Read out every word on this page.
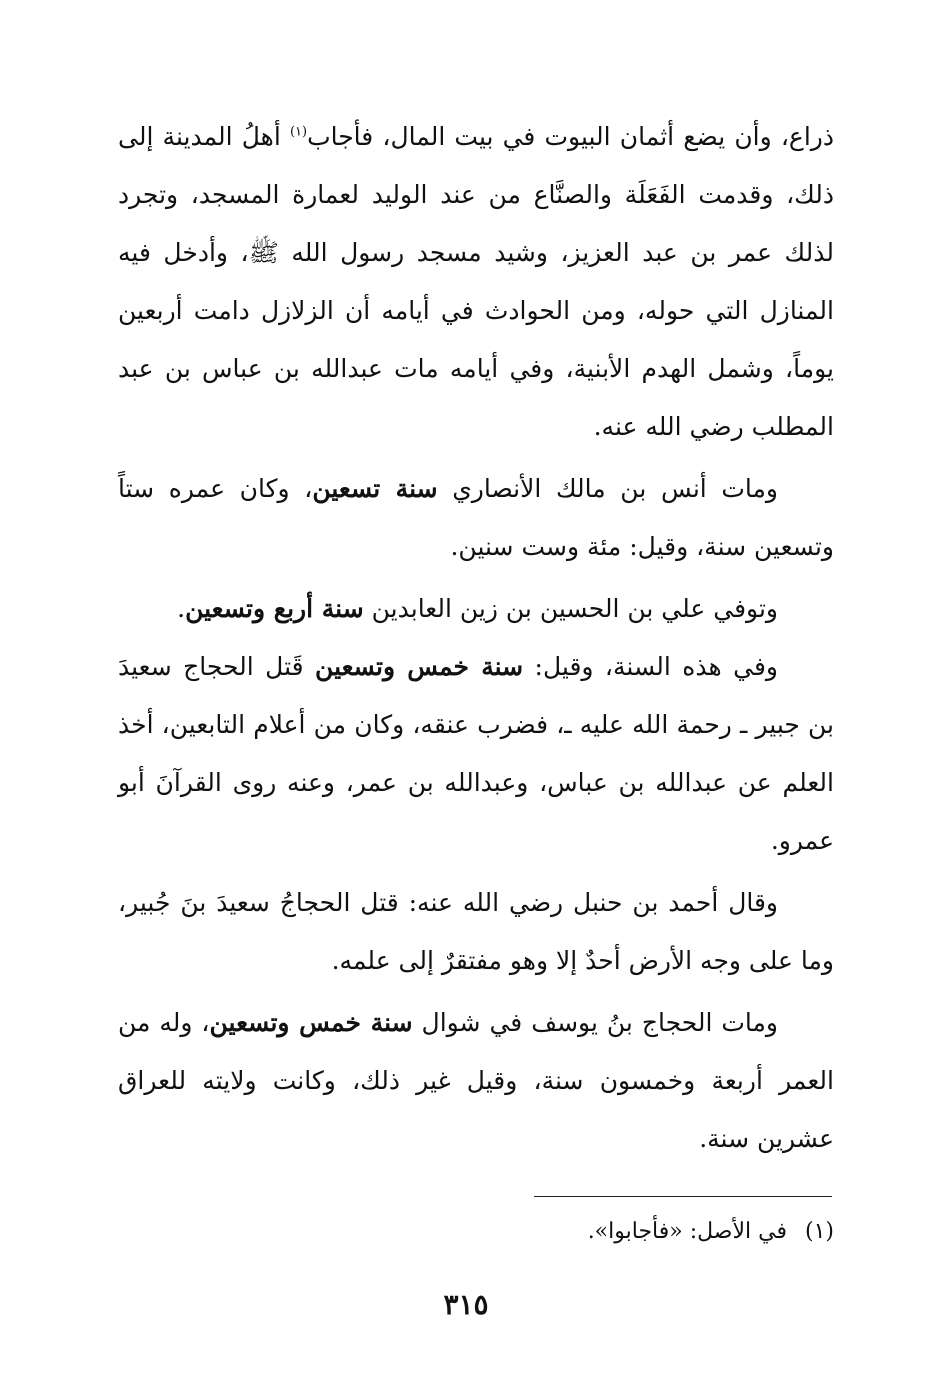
ذراع، وأن يضع أثمان البيوت في بيت المال، فأجاب$^{(١)}$ أهلُ المدينة إلى ذلك، وقدمت الفَعَلَة والصنَّاع من عند الوليد لعمارة المسجد، وتجرد لذلك عمر بن عبد العزيز، وشيد مسجد رسول الله ﷺ، وأدخل فيه المنازل التي حوله، ومن الحوادث في أيامه أن الزلازل دامت أربعين يوماً، وشمل الهدم الأبنية، وفي أيامه مات عبدالله بن عباس بن عبد المطلب رضي الله عنه.

ومات أنس بن مالك الأنصاري سنة تسعين، وكان عمره ستاً وتسعين سنة، وقيل: مئة وست سنين.

وتوفي علي بن الحسين بن زين العابدين سنة أربع وتسعين.

وفي هذه السنة، وقيل: سنة خمس وتسعين قَتل الحجاج سعيدَ بن جبير ـ رحمة الله عليه ـ، فضرب عنقه، وكان من أعلام التابعين، أخذ العلم عن عبدالله بن عباس، وعبدالله بن عمر، وعنه روى القرآنَ أبو عمرو.

وقال أحمد بن حنبل رضي الله عنه: قتل الحجاجُ سعيدَ بنَ جُبير، وما على وجه الأرض أحدٌ إلا وهو مفتقرٌ إلى علمه.

ومات الحجاج بنُ يوسف في شوال سنة خمس وتسعين، وله من العمر أربعة وخمسون سنة، وقيل غير ذلك، وكانت ولايته للعراق عشرين سنة.

(١)في الأصل: «فأجابوا».
٣١٥
